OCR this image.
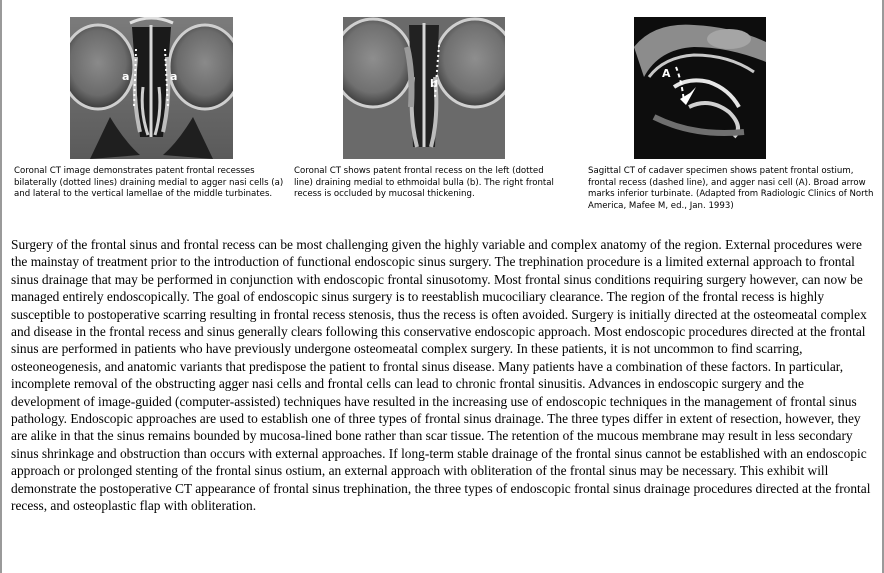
a	a

Coronal CT image demonstrates patent frontal recesses bilaterally (dotted lines) draining medial to agger nasi cells (a) and lateral to the vertical lamellae of the middle turbinates.

b

Coronal CT shows patent frontal recess on the left (dotted line) draining medial to ethmoidal bulla (b). The right frontal recess is occluded by mucosal thickening.

A

Sagittal CT of cadaver specimen shows patent frontal ostium, frontal recess (dashed line), and agger nasi cell (A). Broad arrow marks inferior turbinate. (Adapted from Radiologic Clinics of North America, Mafee M, ed., Jan. 1993)

Surgery of the frontal sinus and frontal recess can be most challenging given the highly variable and complex anatomy of the region. External procedures were the mainstay of treatment prior to the introduction of functional endoscopic sinus surgery. The trephination procedure is a limited external approach to frontal sinus drainage that may be performed in conjunction with endoscopic frontal sinusotomy. Most frontal sinus conditions requiring surgery however, can now be managed entirely endoscopically. The goal of endoscopic sinus surgery is to reestablish mucociliary clearance. The region of the frontal recess is highly susceptible to postoperative scarring resulting in frontal recess stenosis, thus the recess is often avoided. Surgery is initially directed at the osteomeatal complex and disease in the frontal recess and sinus generally clears following this conservative endoscopic approach. Most endoscopic procedures directed at the frontal sinus are performed in patients who have previously undergone osteomeatal complex surgery. In these patients, it is not uncommon to find scarring, osteoneogenesis, and anatomic variants that predispose the patient to frontal sinus disease. Many patients have a combination of these factors. In particular, incomplete removal of the obstructing agger nasi cells and frontal cells can lead to chronic frontal sinusitis. Advances in endoscopic surgery and the development of image-guided (computer-assisted) techniques have resulted in the increasing use of endoscopic techniques in the management of frontal sinus pathology. Endoscopic approaches are used to establish one of three types of frontal sinus drainage. The three types differ in extent of resection, however, they are alike in that the sinus remains bounded by mucosa-lined bone rather than scar tissue. The retention of the mucous membrane may result in less secondary sinus shrinkage and obstruction than occurs with external approaches. If long-term stable drainage of the frontal sinus cannot be established with an endoscopic approach or prolonged stenting of the frontal sinus ostium, an external approach with obliteration of the frontal sinus may be necessary. This exhibit will demonstrate the postoperative CT appearance of frontal sinus trephination, the three types of endoscopic frontal sinus drainage procedures directed at the frontal recess, and osteoplastic flap with obliteration.
